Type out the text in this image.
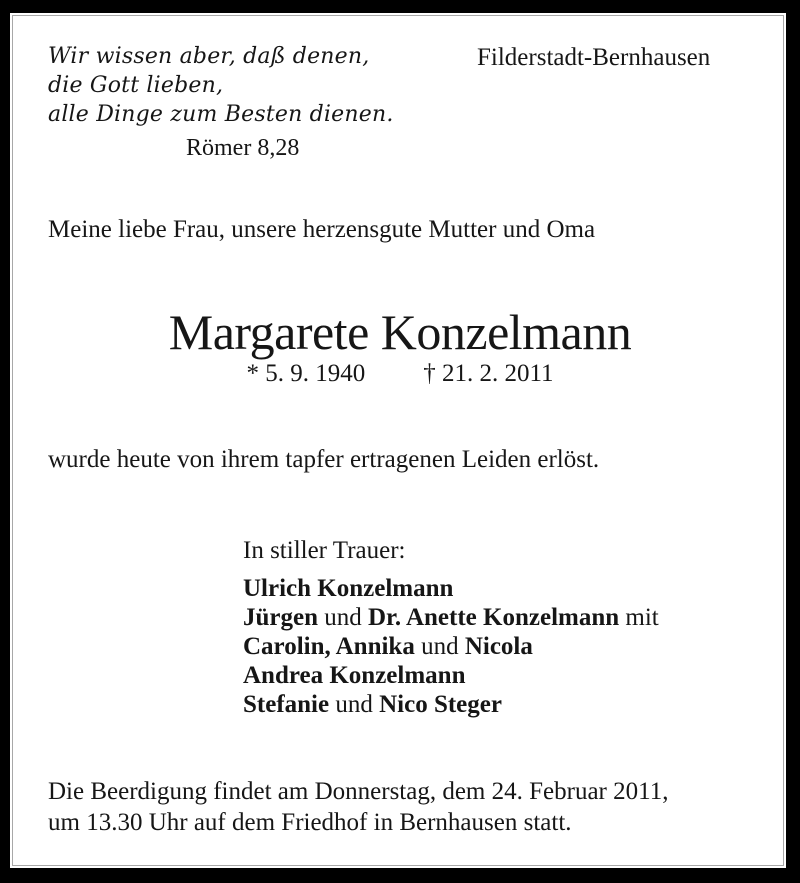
Wir wissen aber, daß denen,
die Gott lieben,
alle Dinge zum Besten dienen.
Römer 8,28
Filderstadt-Bernhausen
Meine liebe Frau, unsere herzensgute Mutter und Oma
Margarete Konzelmann
* 5. 9. 1940 † 21. 2. 2011
wurde heute von ihrem tapfer ertragenen Leiden erlöst.
In stiller Trauer:
Ulrich Konzelmann
Jürgen und Dr. Anette Konzelmann mit
Carolin, Annika und Nicola
Andrea Konzelmann
Stefanie und Nico Steger
Die Beerdigung findet am Donnerstag, dem 24. Februar 2011,
um 13.30 Uhr auf dem Friedhof in Bernhausen statt.
